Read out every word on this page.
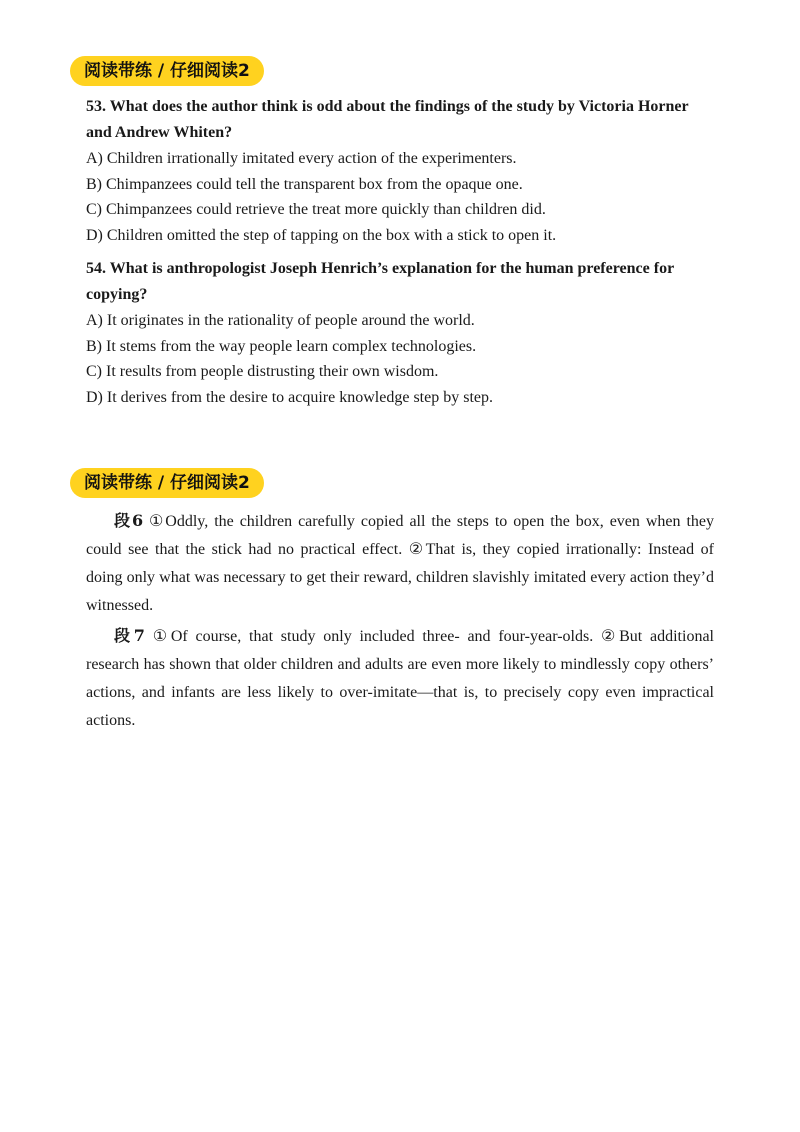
阅读带练 / 仔细阅读2

53. What does the author think is odd about the findings of the study by Victoria Horner and Andrew Whiten?

A) Children irrationally imitated every action of the experimenters.

B) Chimpanzees could tell the transparent box from the opaque one.

C) Chimpanzees could retrieve the treat more quickly than children did.

D) Children omitted the step of tapping on the box with a stick to open it.

54. What is anthropologist Joseph Henrich’s explanation for the human preference for copying?

A) It originates in the rationality of people around the world.

B) It stems from the way people learn complex technologies.

C) It results from people distrusting their own wisdom.

D) It derives from the desire to acquire knowledge step by step.

阅读带练 / 仔细阅读2

段6 ①Oddly, the children carefully copied all the steps to open the box, even when they could see that the stick had no practical effect. ②That is, they copied irrationally: Instead of doing only what was necessary to get their reward, children slavishly imitated every action they’d witnessed.

段7 ①Of course, that study only included three- and four-year-olds. ②But additional research has shown that older children and adults are even more likely to mindlessly copy others’ actions, and infants are less likely to over-imitate—that is, to precisely copy even impractical actions.
